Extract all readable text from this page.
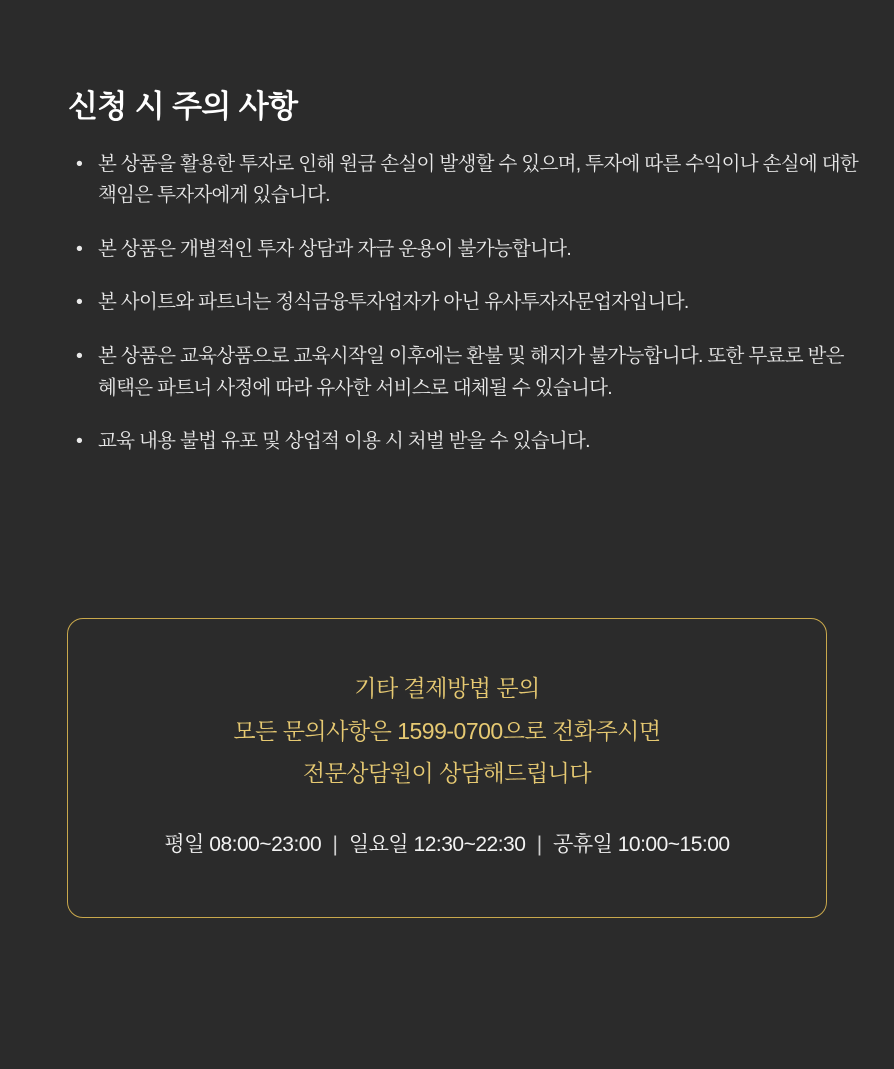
신청 시 주의 사항
• 본 상품을 활용한 투자로 인해 원금 손실이 발생할 수 있으며, 투자에 따른 수익이나 손실에 대한 책임은 투자자에게 있습니다.
• 본 상품은 개별적인 투자 상담과 자금 운용이 불가능합니다.
• 본 사이트와 파트너는 정식금융투자업자가 아닌 유사투자자문업자입니다.
• 본 상품은 교육상품으로 교육시작일 이후에는 환불 및 해지가 불가능합니다. 또한 무료로 받은 혜택은 파트너 사정에 따라 유사한 서비스로 대체될 수 있습니다.
• 교육 내용 불법 유포 및 상업적 이용 시 처벌 받을 수 있습니다.
기타 결제방법 문의
모든 문의사항은 1599-0700으로 전화주시면
전문상담원이 상담해드립니다
평일 08:00~23:00 | 일요일 12:30~22:30 | 공휴일 10:00~15:00
